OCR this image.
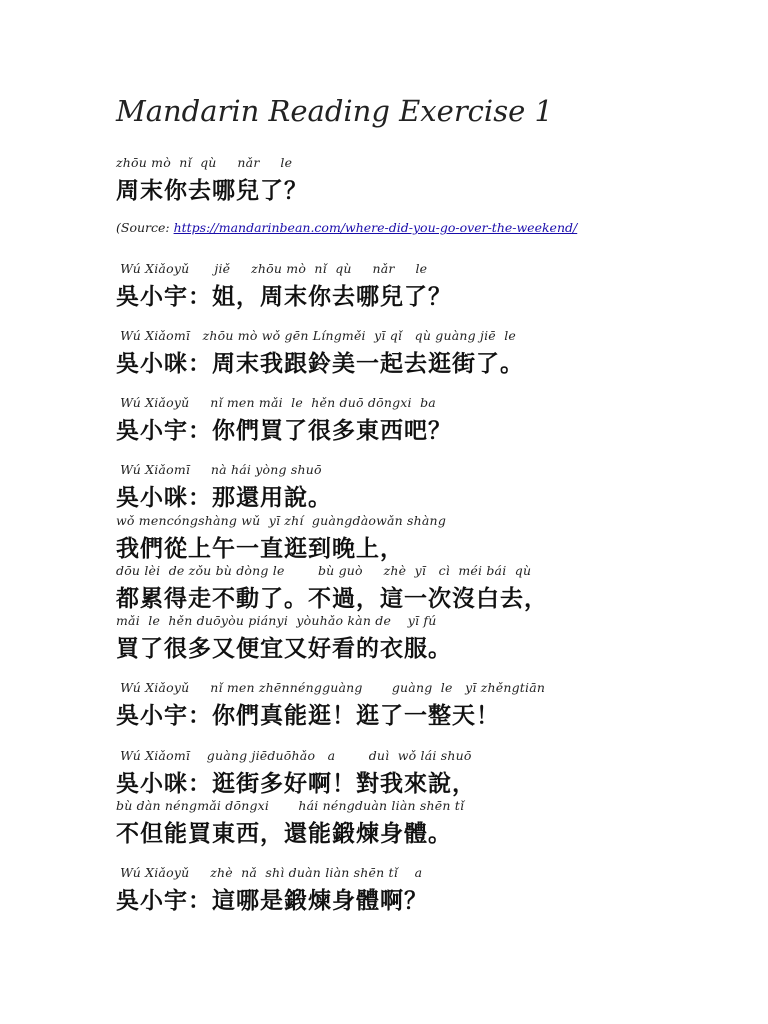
Mandarin Reading Exercise 1
zhōu mò  nǐ  qù     nǎr     le
周末你去哪兒了？
(Source: https://mandarinbean.com/where-did-you-go-over-the-weekend/
Wú Xiǎoyǔ      jiě     zhōu mò  nǐ  qù     nǎr     le
吳小宇：姐，周末你去哪兒了？
Wú Xiǎomī   zhōu mò wǒ gēn Língměi  yī qǐ   qù guàng jiē  le
吳小咪：周末我跟鈴美一起去逛街了。
Wú Xiǎoyǔ     nǐ men mǎi  le  hěn duō dōngxi  ba
吳小宇：你們買了很多東西吧？
Wú Xiǎomī     nà hái yòng shuō
吳小咪：那還用說。
wǒ mencóngshàng wǔ  yī zhí  guàngdàowǎn shàng
我們從上午一直逛到晚上，
dōu lèi  de zǒu bù dòng le        bù guò     zhè  yī   cì  méi bái  qù
都累得走不動了。不過，這一次沒白去，
mǎi  le  hěn duōyòu piányi  yòuhǎo kàn de    yī fú
買了很多又便宜又好看的衣服。
Wú Xiǎoyǔ     nǐ men zhēnnéngguàng       guàng  le   yī zhěngtiān
吳小宇：你們真能逛！逛了一整天！
Wú Xiǎomī    guàng jiēduōhǎo   a        duì  wǒ lái shuō
吳小咪：逛街多好啊！對我來說，
bù dàn néngmǎi dōngxi       hái néngduàn liàn shēn tǐ
不但能買東西，還能鍛煉身體。
Wú Xiǎoyǔ     zhè  nǎ  shì duàn liàn shēn tǐ    a
吳小宇：這哪是鍛煉身體啊？
